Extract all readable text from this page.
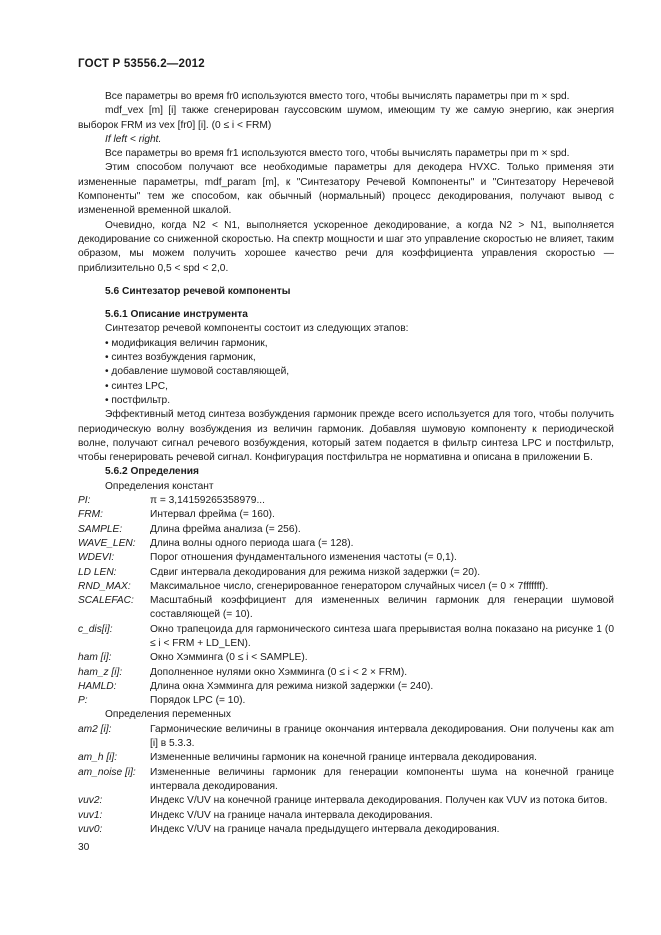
ГОСТ Р 53556.2—2012

Все параметры во время fr0 используются вместо того, чтобы вычислять параметры при m × spd.

mdf_vex [m] [i] также сгенерирован гауссовским шумом, имеющим ту же самую энергию, как энергия выборок FRM из vex [fr0] [i]. (0 ≤ i < FRM)

If left < right.

Все параметры во время fr1 используются вместо того, чтобы вычислять параметры при m × spd.

Этим способом получают все необходимые параметры для декодера HVXC. Только применяя эти измененные параметры, mdf_param [m], к "Синтезатору Речевой Компоненты" и "Синтезатору Неречевой Компоненты" тем же способом, как обычный (нормальный) процесс декодирования, получают вывод с измененной временной шкалой.

Очевидно, когда N2 < N1, выполняется ускоренное декодирование, а когда N2 > N1, выполняется декодирование со сниженной скоростью. На спектр мощности и шаг это управление скоростью не влияет, таким образом, мы можем получить хорошее качество речи для коэффициента управления скоростью — приблизительно 0,5 < spd < 2,0.

5.6 Синтезатор речевой компоненты

5.6.1 Описание инструмента

Синтезатор речевой компоненты состоит из следующих этапов:

• модификация величин гармоник,

• синтез возбуждения гармоник,

• добавление шумовой составляющей,

• синтез LPC,

• постфильтр.

Эффективный метод синтеза возбуждения гармоник прежде всего используется для того, чтобы получить периодическую волну возбуждения из величин гармоник. Добавляя шумовую компоненту к периодической волне, получают сигнал речевого возбуждения, который затем подается в фильтр синтеза LPC и постфильтр, чтобы генерировать речевой сигнал. Конфигурация постфильтра не нормативна и описана в приложении Б.

5.6.2 Определения

Определения констант

PI:	π = 3,14159265358979...
FRM:	Интервал фрейма (= 160).
SAMPLE:	Длина фрейма анализа (= 256).
WAVE_LEN:	Длина волны одного периода шага (= 128).
WDEVI:	Порог отношения фундаментального изменения частоты (= 0,1).
LD LEN:	Сдвиг интервала декодирования для режима низкой задержки (= 20).
RND_MAX:	Максимальное число, сгенерированное генератором случайных чисел (= 0 × 7fffffff).
SCALEFAC:	Масштабный коэффициент для измененных величин гармоник для генерации шумовой составляющей (= 10).
c_dis[i]:	Окно трапецоида для гармонического синтеза шага прерывистая волна показано на рисунке 1 (0 ≤ i < FRM + LD_LEN).
ham [i]:	Окно Хэмминга (0 ≤ i < SAMPLE).
ham_z [i]:	Дополненное нулями окно Хэмминга (0 ≤ i < 2 × FRM).
HAMLD:	Длина окна Хэмминга для режима низкой задержки (= 240).
P:	Порядок LPC (= 10).

Определения переменных

am2 [i]:	Гармонические величины в границе окончания интервала декодирования. Они получены как am [i] в 5.3.3.
am_h [i]:	Измененные величины гармоник на конечной границе интервала декодирования.
am_noise [i]:	Измененные величины гармоник для генерации компоненты шума на конечной границе интервала декодирования.
vuv2:	Индекс V/UV на конечной границе интервала декодирования. Получен как VUV из потока битов.
vuv1:	Индекс V/UV на границе начала интервала декодирования.
vuv0:	Индекс V/UV на границе начала предыдущего интервала декодирования.
30
